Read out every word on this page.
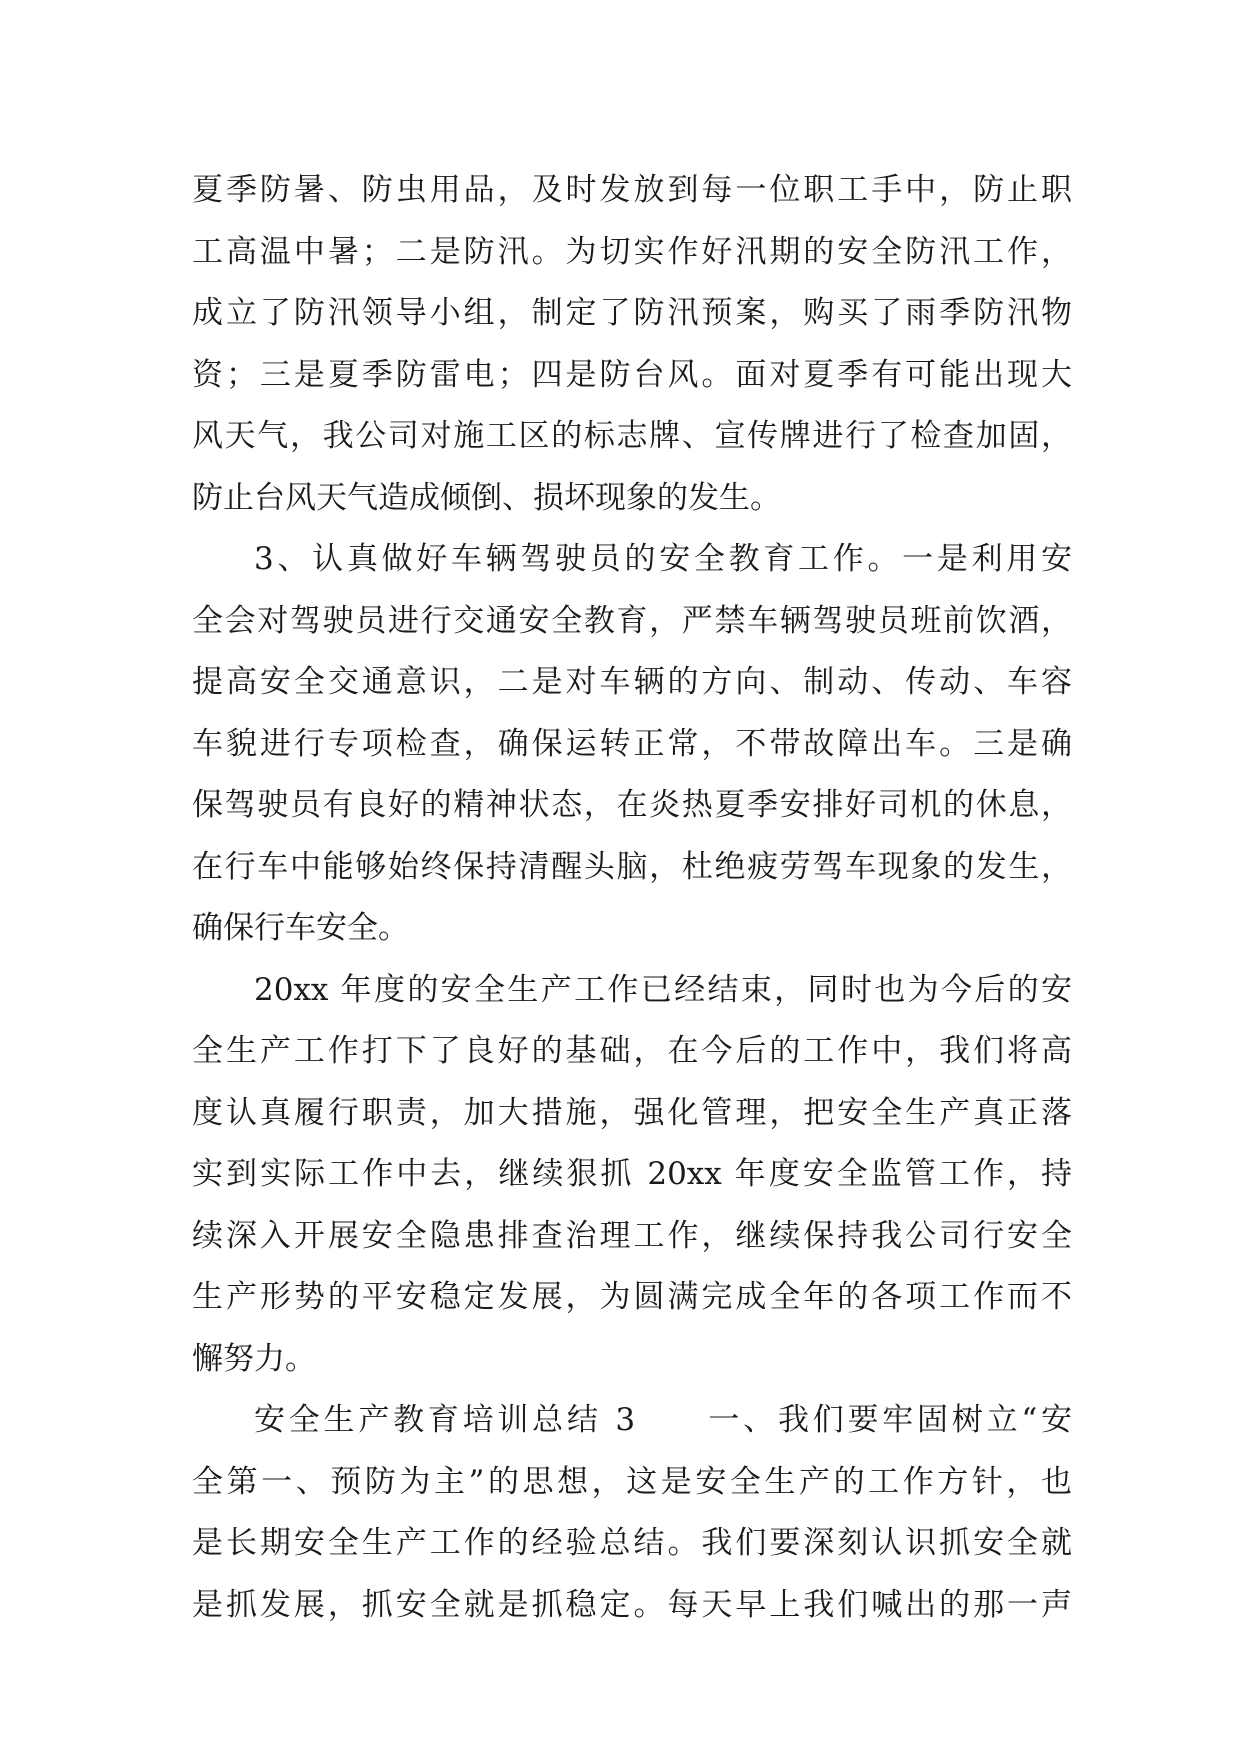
夏季防暑、防虫用品，及时发放到每一位职工手中，防止职
工高温中暑；二是防汛。为切实作好汛期的安全防汛工作，
成立了防汛领导小组，制定了防汛预案，购买了雨季防汛物
资；三是夏季防雷电；四是防台风。面对夏季有可能出现大
风天气，我公司对施工区的标志牌、宣传牌进行了检查加固，
防止台风天气造成倾倒、损坏现象的发生。
3、认真做好车辆驾驶员的安全教育工作。一是利用安
全会对驾驶员进行交通安全教育，严禁车辆驾驶员班前饮酒，
提高安全交通意识，二是对车辆的方向、制动、传动、车容
车貌进行专项检查，确保运转正常，不带故障出车。三是确
保驾驶员有良好的精神状态，在炎热夏季安排好司机的休息，
在行车中能够始终保持清醒头脑，杜绝疲劳驾车现象的发生，
确保行车安全。
20xx 年度的安全生产工作已经结束，同时也为今后的安
全生产工作打下了良好的基础，在今后的工作中，我们将高
度认真履行职责，加大措施，强化管理，把安全生产真正落
实到实际工作中去，继续狠抓 20xx 年度安全监管工作，持
续深入开展安全隐患排查治理工作，继续保持我公司行安全
生产形势的平安稳定发展，为圆满完成全年的各项工作而不
懈努力。
安全生产教育培训总结 3　　一、我们要牢固树立“安
全第一、预防为主”的思想，这是安全生产的工作方针，也
是长期安全生产工作的经验总结。我们要深刻认识抓安全就
是抓发展，抓安全就是抓稳定。每天早上我们喊出的那一声
